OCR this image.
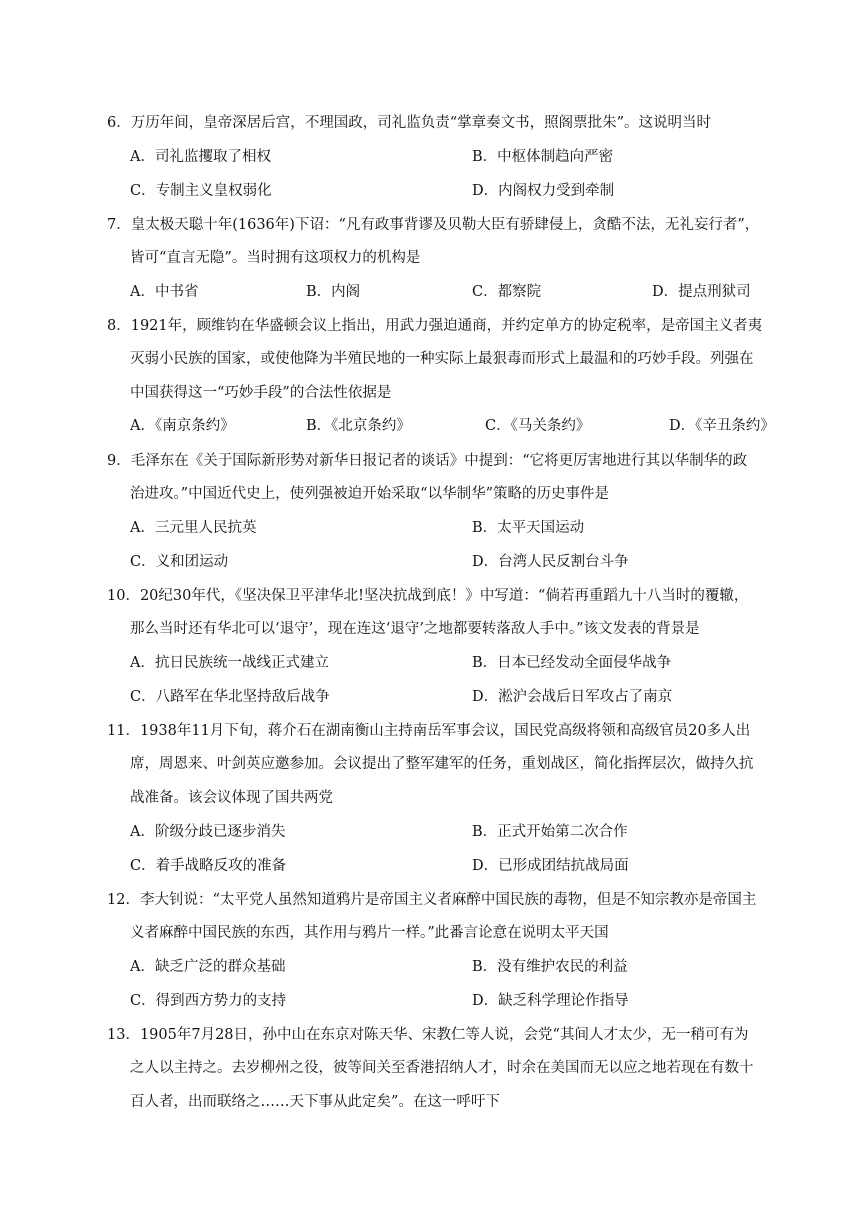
6．万历年间，皇帝深居后宫，不理国政，司礼监负责“掌章奏文书，照阁票批朱”。这说明当时
A．司礼监攫取了相权	B．中枢体制趋向严密
C．专制主义皇权弱化	D．内阁权力受到牵制
7．皇太极天聪十年(1636年)下诏：“凡有政事背谬及贝勒大臣有骄肆侵上，贪酷不法，无礼妄行者”，
皆可“直言无隐”。当时拥有这项权力的机构是
A．中书省	B．内阁	C．都察院	D．提点刑狱司
8．1921年，顾维钧在华盛顿会议上指出，用武力强迫通商，并约定单方的协定税率，是帝国主义者夷
灭弱小民族的国家，或使他降为半殖民地的一种实际上最狠毒而形式上最温和的巧妙手段。列强在
中国获得这一“巧妙手段”的合法性依据是
A．《南京条约》	B．《北京条约》	C．《马关条约》	D．《辛丑条约》
9．毛泽东在《关于国际新形势对新华日报记者的谈话》中提到：“它将更厉害地进行其以华制华的政
治进攻。”中国近代史上，使列强被迫开始采取“以华制华”策略的历史事件是
A．三元里人民抗英	B．太平天国运动
C．义和团运动	D．台湾人民反割台斗争
10．20纪30年代，《坚决保卫平津华北!坚决抗战到底！》中写道：“倘若再重蹈九十八当时的覆辙，
那么当时还有华北可以‘退守’，现在连这‘退守’之地都要转落敌人手中。”该文发表的背景是
A．抗日民族统一战线正式建立	B．日本已经发动全面侵华战争
C．八路军在华北坚持敌后战争	D．淞沪会战后日军攻占了南京
11．1938年11月下旬，蒋介石在湖南衡山主持南岳军事会议，国民党高级将领和高级官员20多人出
席，周恩来、叶剑英应邀参加。会议提出了整军建军的任务，重划战区，简化指挥层次，做持久抗
战准备。该会议体现了国共两党
A．阶级分歧已逐步消失	B．正式开始第二次合作
C．着手战略反攻的准备	D．已形成团结抗战局面
12．李大钊说：“太平党人虽然知道鸦片是帝国主义者麻醉中国民族的毒物，但是不知宗教亦是帝国主
义者麻醉中国民族的东西，其作用与鸦片一样。”此番言论意在说明太平天国
A．缺乏广泛的群众基础	B．没有维护农民的利益
C．得到西方势力的支持	D．缺乏科学理论作指导
13．1905年7月28日，孙中山在东京对陈天华、宋教仁等人说，会党“其间人才太少，无一稍可有为
之人以主持之。去岁柳州之役，彼等间关至香港招纳人才，时余在美国而无以应之地若现在有数十
百人者，出而联络之……天下事从此定矣”。在这一呼吁下
